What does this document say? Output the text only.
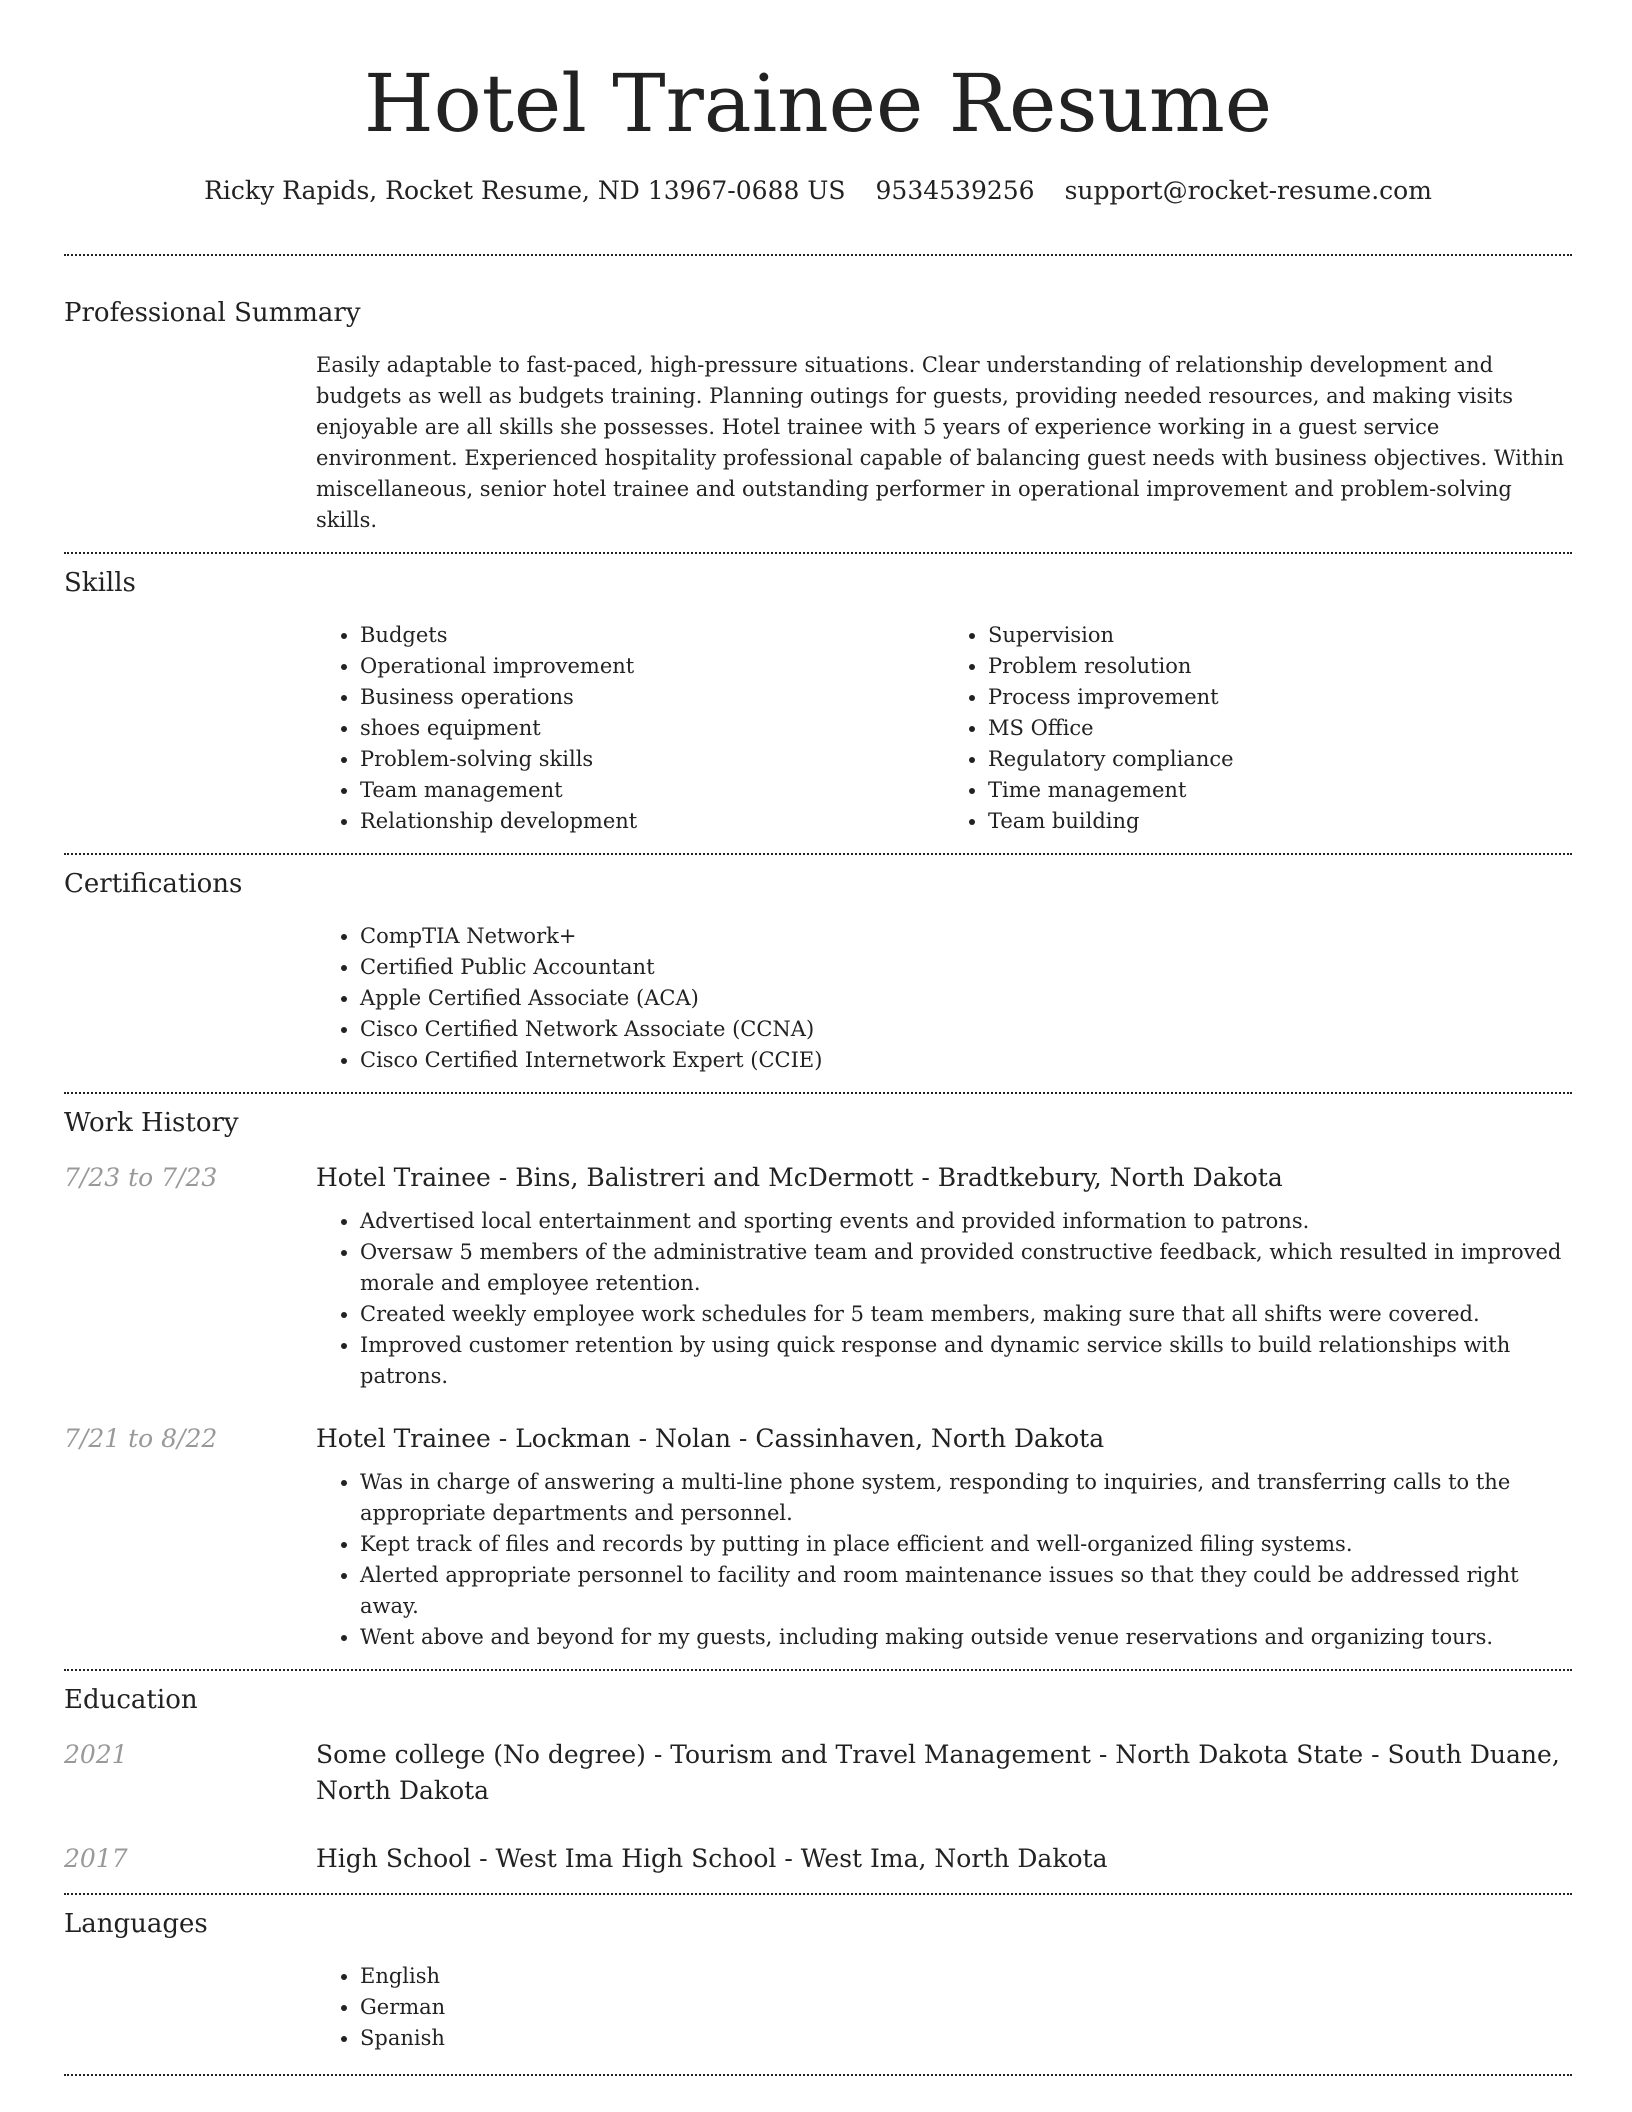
Hotel Trainee Resume
Ricky Rapids, Rocket Resume, ND 13967-0688 US 9534539256 support@rocket-resume.com
Professional Summary

Easily adaptable to fast-paced, high-pressure situations. Clear understanding of relationship development and budgets as well as budgets training. Planning outings for guests, providing needed resources, and making visits enjoyable are all skills she possesses. Hotel trainee with 5 years of experience working in a guest service environment. Experienced hospitality professional capable of balancing guest needs with business objectives. Within miscellaneous, senior hotel trainee and outstanding performer in operational improvement and problem-solving skills.

Skills
• Budgets
• Operational improvement
• Business operations
• shoes equipment
• Problem-solving skills
• Team management
• Relationship development
• Supervision
• Problem resolution
• Process improvement
• MS Office
• Regulatory compliance
• Time management
• Team building
Certifications
• CompTIA Network+
• Certified Public Accountant
• Apple Certified Associate (ACA)
• Cisco Certified Network Associate (CCNA)
• Cisco Certified Internetwork Expert (CCIE)
Work History
7/23 to 7/23	Hotel Trainee - Bins, Balistreri and McDermott - Bradtkebury, North Dakota
• Advertised local entertainment and sporting events and provided information to patrons.
• Oversaw 5 members of the administrative team and provided constructive feedback, which resulted in improved morale and employee retention.
• Created weekly employee work schedules for 5 team members, making sure that all shifts were covered.
• Improved customer retention by using quick response and dynamic service skills to build relationships with patrons.
7/21 to 8/22	Hotel Trainee - Lockman - Nolan - Cassinhaven, North Dakota
• Was in charge of answering a multi-line phone system, responding to inquiries, and transferring calls to the appropriate departments and personnel.
• Kept track of files and records by putting in place efficient and well-organized filing systems.
• Alerted appropriate personnel to facility and room maintenance issues so that they could be addressed right away.
• Went above and beyond for my guests, including making outside venue reservations and organizing tours.
Education
2021	Some college (No degree) - Tourism and Travel Management - North Dakota State - South Duane, North Dakota
2017	High School - West Ima High School - West Ima, North Dakota
Languages
• English
• German
• Spanish
